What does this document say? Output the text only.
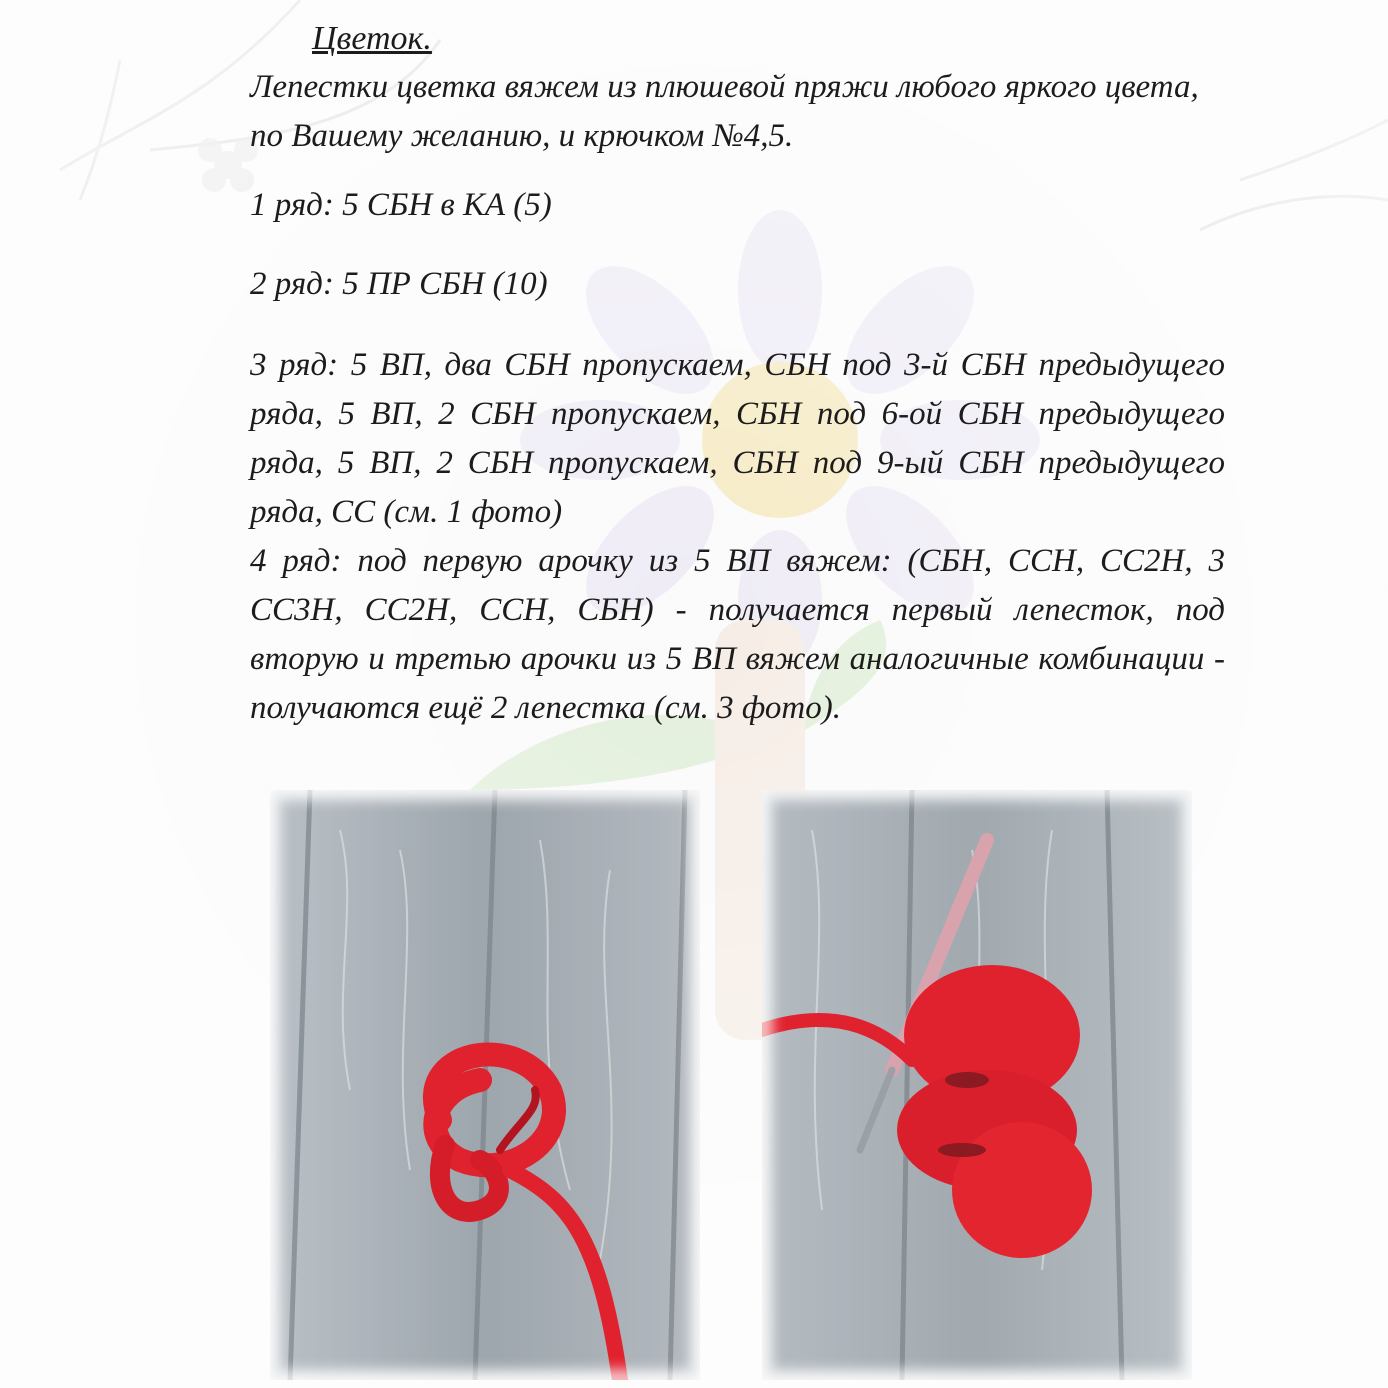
Цветок.

Лепестки цветка вяжем из плюшевой пряжи любого яркого цвета, по Вашему желанию, и крючком №4,5.

1 ряд: 5 СБН в КА (5)

2 ряд: 5 ПР СБН (10)

3 ряд: 5 ВП, два СБН пропускаем, СБН под 3-й СБН предыдущего ряда, 5 ВП, 2 СБН пропускаем, СБН под 6-ой СБН предыдущего ряда, 5 ВП, 2 СБН пропускаем, СБН под 9-ый СБН предыдущего ряда, СС (см. 1 фото)

4 ряд: под первую арочку из 5 ВП вяжем: (СБН, ССН, СС2Н, 3 СС3Н, СС2Н, ССН, СБН) - получается первый лепесток, под вторую и третью арочки из 5 ВП вяжем аналогичные комбинации - получаются ещё 2 лепестка (см. 3 фото).
